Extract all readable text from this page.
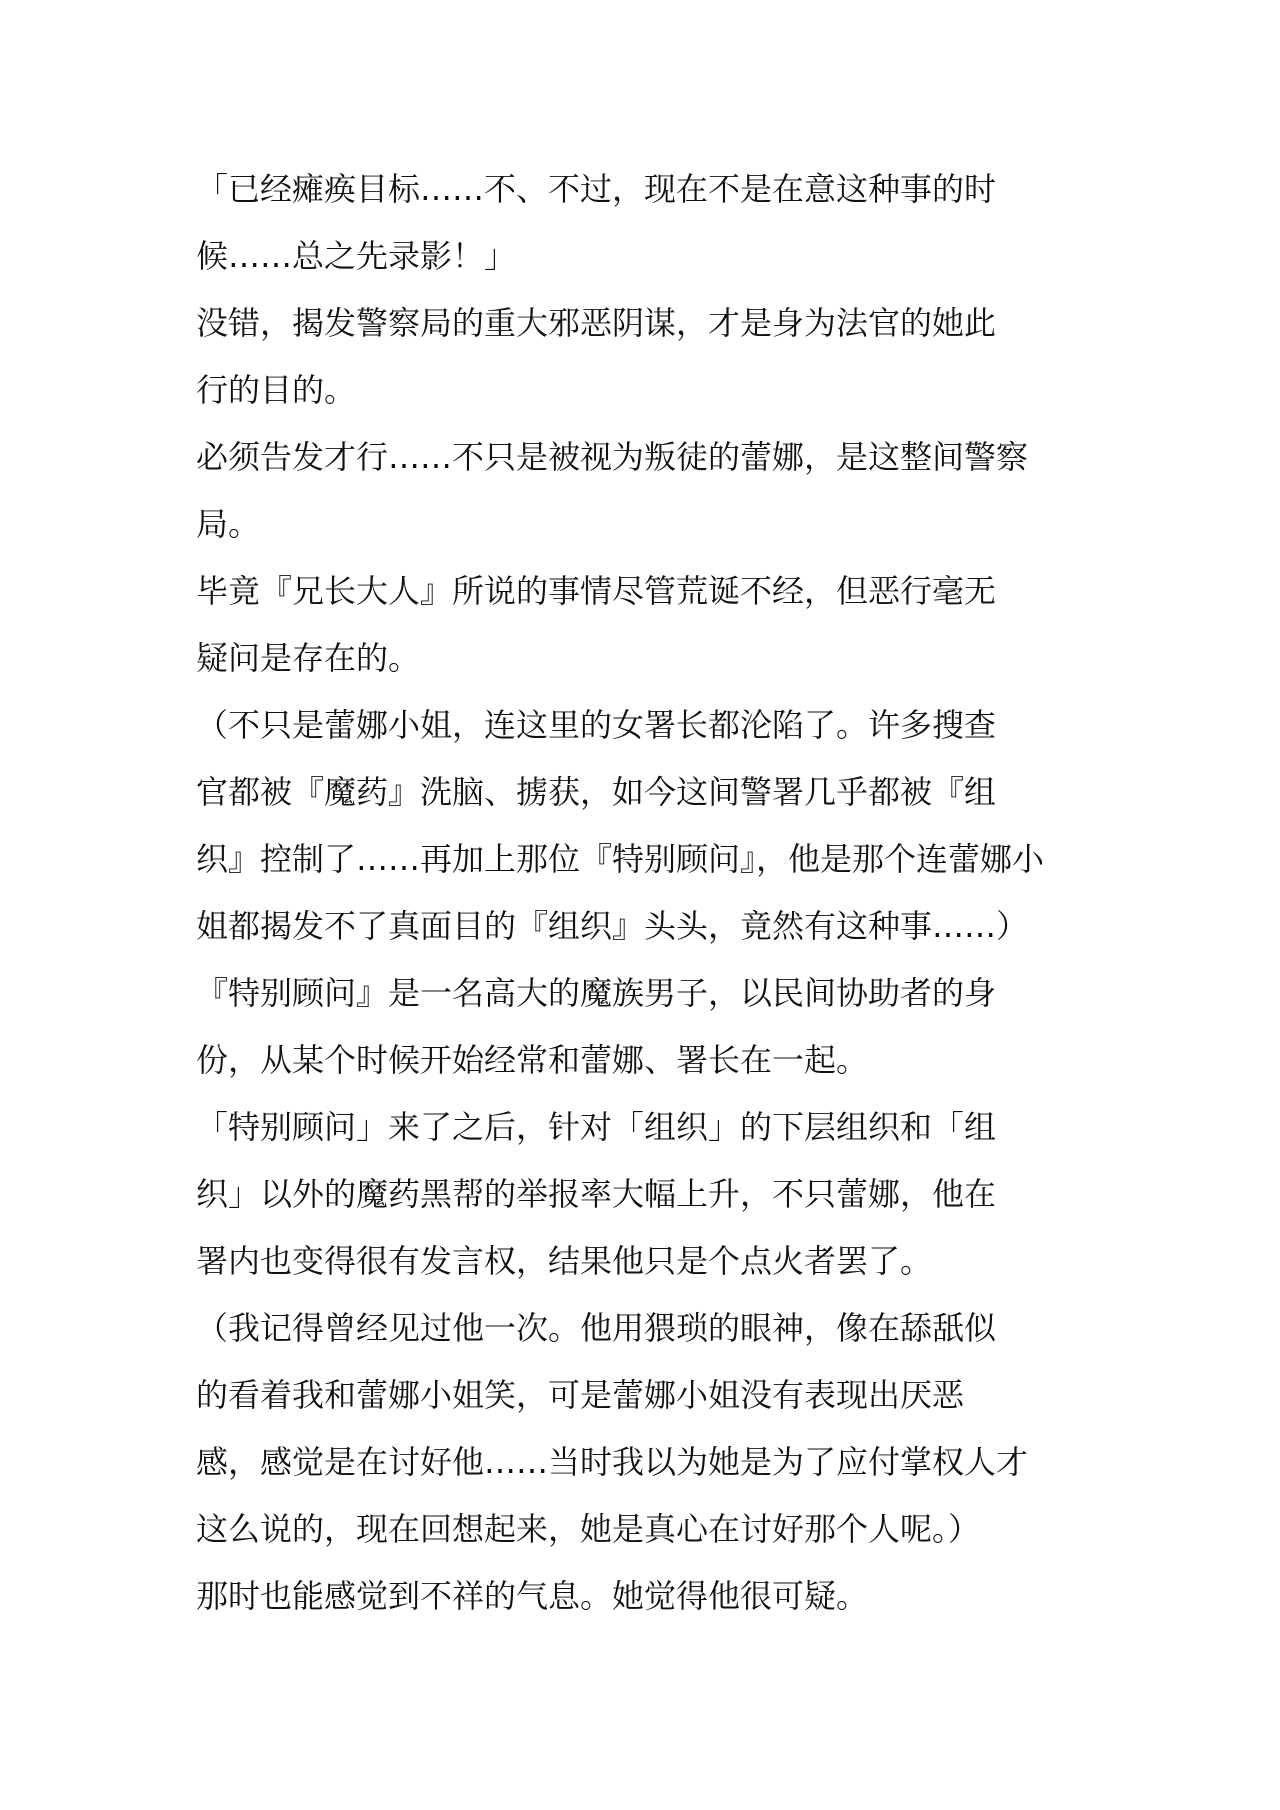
「已经瘫痪目标……不、不过，现在不是在意这种事的时
候……总之先录影！」
没错，揭发警察局的重大邪恶阴谋，才是身为法官的她此
行的目的。
必须告发才行……不只是被视为叛徒的蕾娜，是这整间警察
局。
毕竟『兄长大人』所说的事情尽管荒诞不经，但恶行毫无
疑问是存在的。
（不只是蕾娜小姐，连这里的女署长都沦陷了。许多搜查
官都被『魔药』洗脑、掳获，如今这间警署几乎都被『组
织』控制了……再加上那位『特别顾问』，他是那个连蕾娜小
姐都揭发不了真面目的『组织』头头，竟然有这种事……）
『特别顾问』是一名高大的魔族男子，以民间协助者的身
份，从某个时候开始经常和蕾娜、署长在一起。
「特别顾问」来了之后，针对「组织」的下层组织和「组
织」以外的魔药黑帮的举报率大幅上升，不只蕾娜，他在
署内也变得很有发言权，结果他只是个点火者罢了。
（我记得曾经见过他一次。他用猥琐的眼神，像在舔舐似
的看着我和蕾娜小姐笑，可是蕾娜小姐没有表现出厌恶
感，感觉是在讨好他……当时我以为她是为了应付掌权人才
这么说的，现在回想起来，她是真心在讨好那个人呢。）
那时也能感觉到不祥的气息。她觉得他很可疑。
